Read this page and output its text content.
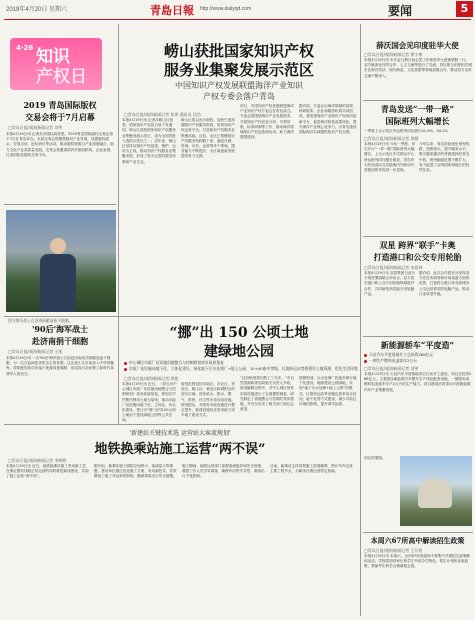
2019年4月20日 星期六	青島日報 http://www.dailyqd.com	要闻	5
4·26 知识
产权日
2019 青岛国际版权
交易会将于7月启幕
□青岛日报/观海新闻记者 刘笑
本报4月19日讯 记者从市版权局获悉，2019青岛国际版权交易会将于7月在青岛举办。本届交易会将聚焦版权产业发展，设置版权展示、交易洽谈、论坛研讨等活动，推动版权资源与产业深度融合，助力文化产业高质量发展。交易会将邀请国内外版权机构、企业参展，打造国际化版权交易平台。
崂山获批国家知识产权
服务业集聚发展示范区
中国知识产权发展联盟海洋产业知识
产权专委会落户青岛
□青岛日报/观海新闻记者 张译 通讯员 段浩
本报4月19日讯 记者从崂山区获悉，国家知识产权局日前下发通知，崂山区获批国家知识产权服务业集聚发展示范区，成为全国首批入选的示范区之一。近年来，崂山区坚持以知识产权创造、保护、运用为主线，推动知识产权服务业集聚发展，形成了较为完善的服务体系和产业生态。
崂山区将以此为契机，加快引进高端知识产权服务机构，培育知识产权运营平台，打造知识产权服务业集聚高地。目前，全区已集聚知识产权服务机构数十家，涵盖代理、咨询、评估、运营等多个领域，服务能力不断提升，为区域创新发展提供有力支撑。
同日，中国知识产权发展联盟海洋产业知识产权专委会在青岛成立。专委会将围绕海洋产业发展需求，开展知识产权信息分析、专利导航、标准研制等工作，推动海洋领域知识产权创造和运用，助力海洋强国建设。
据介绍，专委会由海洋领域的高校、科研院所、企业和服务机构共同组成，将搭建海洋产业知识产权协同创新平台，促进海洋科技成果转化，提升海洋产业核心竞争力，为青岛建设国际海洋名城提供知识产权支撑。
图为海军战士在济南捐献造血干细胞。
'90后'海军战士
赴济南捐干细胞
□青岛日报/观海新闻记者 王凯
本报4月19日讯 一名'90后'海军战士日前赴济南成功捐献造血干细胞，为一名白血病患者带去生的希望。这名战士几年前加入中华骨髓库，得知配型成功后毫不犹豫同意捐献，用实际行动诠释了新时代革命军人的担当。
“挪”出 150 公顷土地
建绿地公园
中心城区市政厂站设施用地整合与控制规划获市政府批复
市政厂站设施向地下化、立体化建设，绿化地下污水处理厂+地上公园、10+40座中等级、垃圾转运站等将建设上地资源，优先生活环境
□青岛日报/观海新闻记者 周艳
本报4月19日讯 近日，《青岛市中心城区市政厂站设施用地整合与控制规划》获市政府批复。规划以节约集约利用土地为原则，推动市政厂站设施向地下化、立体化、综合化建设，预计可“挪”出约150公顷土地用于建设绿地公园等公共空间。
规划范围包括市南区、市北区、李沧区、崂山区、黄岛区和城阳区的部分区域，涉及给水、排水、燃气、供热、环卫等多类市政设施。规划提出，对现有市政设施进行整合提升，新建设施优先采用地下或半地下建设方式。
“这份规划我们做了三年多。”市自然资源和规划局相关负责人介绍，规划编制过程中，对中心城区现有市政设施进行了全面摸底调查，研究制定了设施整合与控制的具体措施，并充分征求了相关部门和社会意见。
按照规划，污水处理厂将逐步推行地下化建设，地面建设公园绿地，实现“地下污水处理+地上公园”的模式。垃圾转运站等设施也将采用全封闭、地下化等方式建设，减少对周边环境的影响，提升城市品质。
'新建站关键技术选 运营站大客流规划'
地铁换乘站施工运营“两不误”
□青岛日报/观海新闻记者 李婷婷
本报4月19日讯 近日，地铁换乘站施工采用新工艺，在保证既有线路正常运营的同时推进新线建设，实现了施工运营“两不误”。
据介绍，换乘站施工面临空间狭小、客流量大等难题，建设单位通过优化施工方案、采用新技术，有效降低了施工对运营的影响，确保乘客出行安全便捷。
施工期间，地铁运营部门加强客流组织和安全管理，增派工作人员引导乘客，确保车站秩序井然，乘客出行不受影响。
目前，换乘站主体结构施工进展顺利，预计年内完成主要工程节点，为新线开通运营奠定基础。
薛沃国会见印度驻华大使
□青岛日报/观海新闻记者 徐小寒
本报4月19日讯 市长孟凡利日前会见了印度驻华大使唐勇胜一行。双方就深化经贸合作、人文交流等进行了交流。青岛愿与印度相关城市在海洋经济、现代制造、文化旅游等领域加强合作，推动双方友好交流不断深入。
青岛发送“一带一路”
国际班列大幅增长
一季度上合示范区货运班列同比增长41.4%，54.2%
□青岛日报/观海新闻记者 周健
本报4月19日讯 今年一季度，青岛开行“一带一路”国际班列大幅增长，上合示范区多式联运中心货运班列同比增长明显，青岛作为东西双向互济陆海内外联动开放枢纽的作用进一步显现。
今年以来，青岛持续优化班列线路，加密班次，提升服务水平，吸引越来越多的货源选择经青岛中转，班列辐射范围不断扩大，有力促进了沿线国家和地区的经贸往来。
双星 跨界“联手”卡奥
打造港口和公交专用轮胎
□青岛日报/观海新闻记者 宋思林
本报4月19日讯 双星集团日前与卡奥签署战略合作协议，双方将在港口和公交专用轮胎领域展开合作，共同研发高性能专用轮胎产品。
据介绍，此次合作将充分发挥双方在技术研发和市场渠道方面的优势，打造符合港口作业和城市公交运营需求的轮胎产品，推动行业转型升级。
新能源轿车“平度造”
天启汽车平度基地开工总投资268亿元
一期生产燃料电池客车2万台
□青岛日报/观海新闻记者 刘笑
本报4月19日讯 天启汽车平度基地项目日前开工建设，项目总投资268亿元，主要建设新能源汽车整车生产线及配套设施，一期将形成燃料电池客车年产2万台的生产能力，项目建成后将带动平度新能源汽车产业集聚发展。
项目效果图。
本周六67所高中解读招生政策
□青岛日报/观海新闻记者 王开智
本报4月19日讯 本周六，全市67所普通高中将集中开展招生政策解读活动，学校将面向家长和学生介绍办学特色、招生计划和录取政策，帮助考生科学合理填报志愿。
